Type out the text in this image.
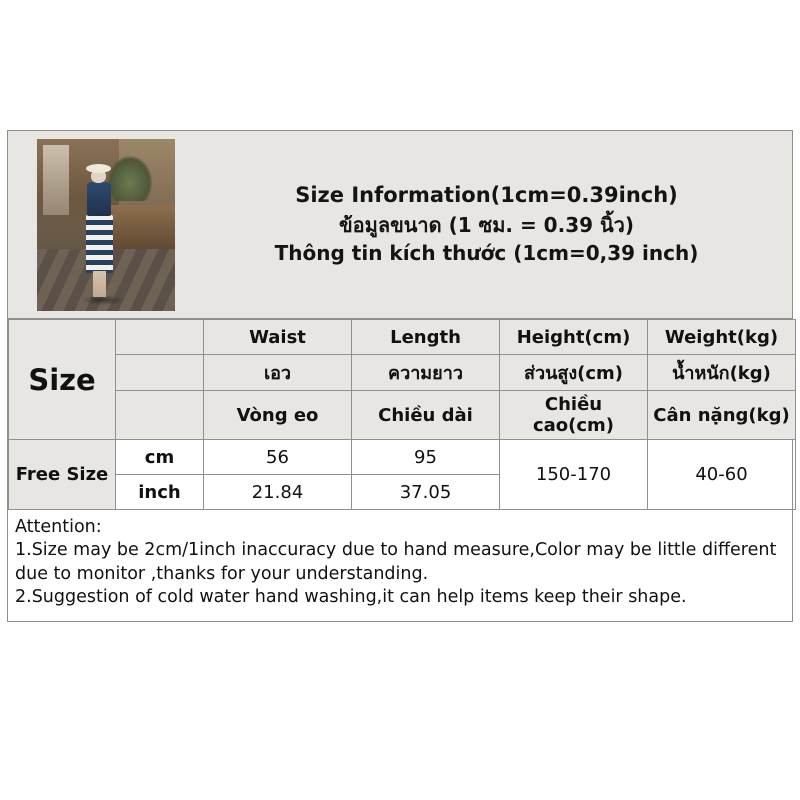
Size Information(1cm=0.39inch)
ข้อมูลขนาด (1 ซม. = 0.39 นิ้ว)
Thông tin kích thước (1cm=0,39 inch)
Size		Waist	Length	Height(cm)	Weight(kg)
		เอว	ความยาว	ส่วนสูง(cm)	น้ำหนัก(kg)
		Vòng eo	Chiều dài	Chiều cao(cm)	Cân nặng(kg)
Free Size	cm	56	95	150-170	40-60
	inch	21.84	37.05		
Attention:
1.Size may be 2cm/1inch inaccuracy due to hand measure,Color may be little different due to monitor ,thanks for your understanding.
2.Suggestion of cold water hand washing,it can help items keep their shape.
